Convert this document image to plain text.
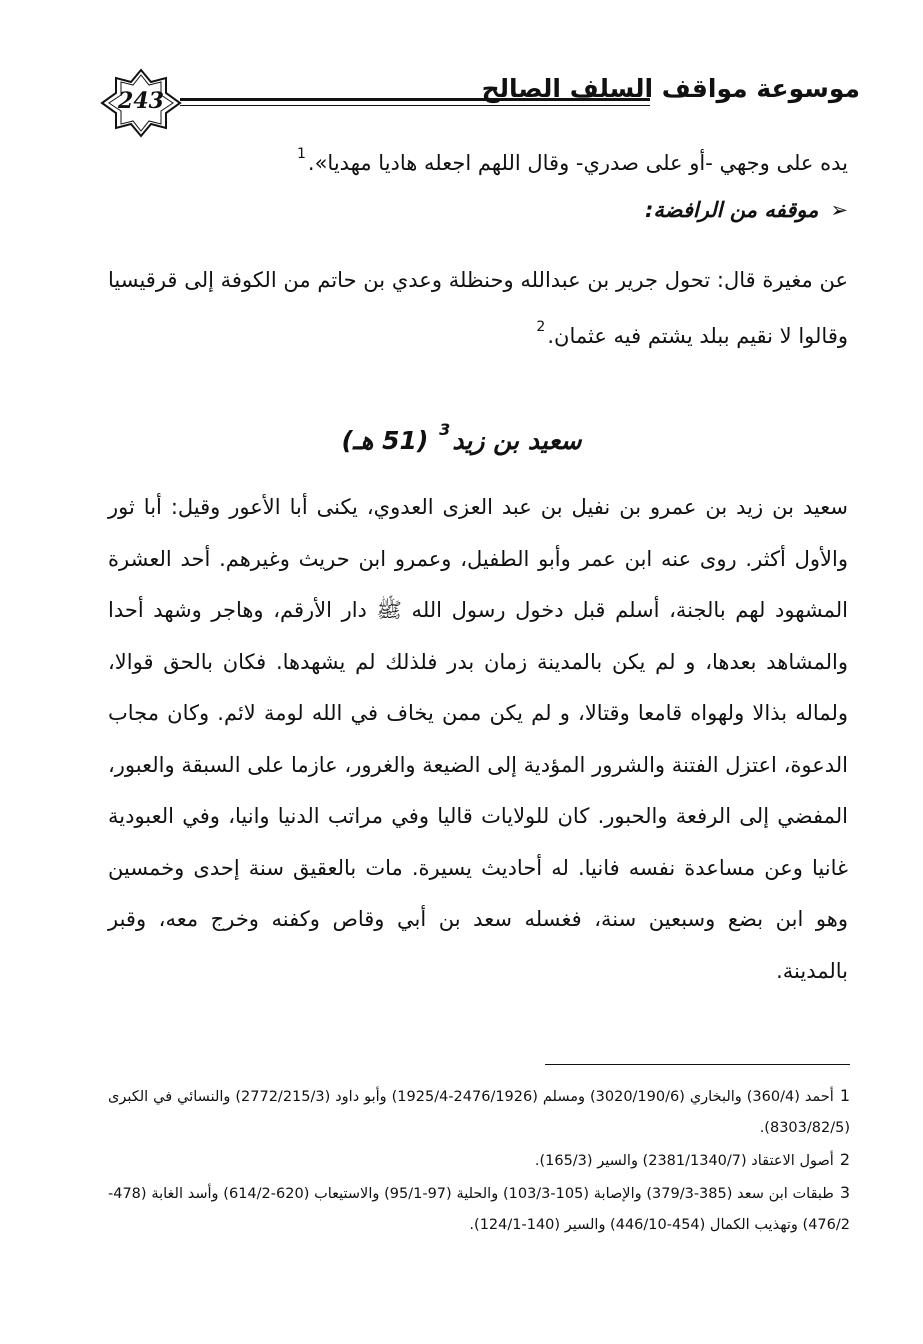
243	موسوعة مواقف السلف الصالح
يده على وجهي -أو على صدري- وقال اللهم اجعله هاديا مهديا».$^1$
➢موقفه من الرافضة:
عن مغيرة قال: تحول جرير بن عبدالله وحنظلة وعدي بن حاتم من الكوفة إلى قرقيسيا وقالوا لا نقيم ببلد يشتم فيه عثمان.$^2$
سعيد بن زيد$^3$ (51 هـ)
سعيد بن زيد بن عمرو بن نفيل بن عبد العزى العدوي، يكنى أبا الأعور وقيل: أبا ثور والأول أكثر. روى عنه ابن عمر وأبو الطفيل، وعمرو ابن حريث وغيرهم. أحد العشرة المشهود لهم بالجنة، أسلم قبل دخول رسول الله ﷺ دار الأرقم، وهاجر وشهد أحدا والمشاهد بعدها، و لم يكن بالمدينة زمان بدر فلذلك لم يشهدها. فكان بالحق قوالا، ولماله بذالا ولهواه قامعا وقتالا، و لم يكن ممن يخاف في الله لومة لائم. وكان مجاب الدعوة، اعتزل الفتنة والشرور المؤدية إلى الضيعة والغرور، عازما على السبقة والعبور، المفضي إلى الرفعة والحبور. كان للولايات قاليا وفي مراتب الدنيا وانيا، وفي العبودية غانيا وعن مساعدة نفسه فانيا. له أحاديث يسيرة. مات بالعقيق سنة إحدى وخمسين وهو ابن بضع وسبعين سنة، فغسله سعد بن أبي وقاص وكفنه وخرج معه، وقبر بالمدينة.
1أحمد (360/4) والبخاري (3020/190/6) ومسلم (2476/1926-1925/4) وأبو داود (2772/215/3) والنسائي في الكبرى (8303/82/5).
2أصول الاعتقاد (2381/1340/7) والسير (165/3).
3طبقات ابن سعد (385-379/3) والإصابة (105-103/3) والحلية (97-95/1) والاستيعاب (620-614/2) وأسد الغابة (478-476/2) وتهذيب الكمال (454-446/10) والسير (140-124/1).
